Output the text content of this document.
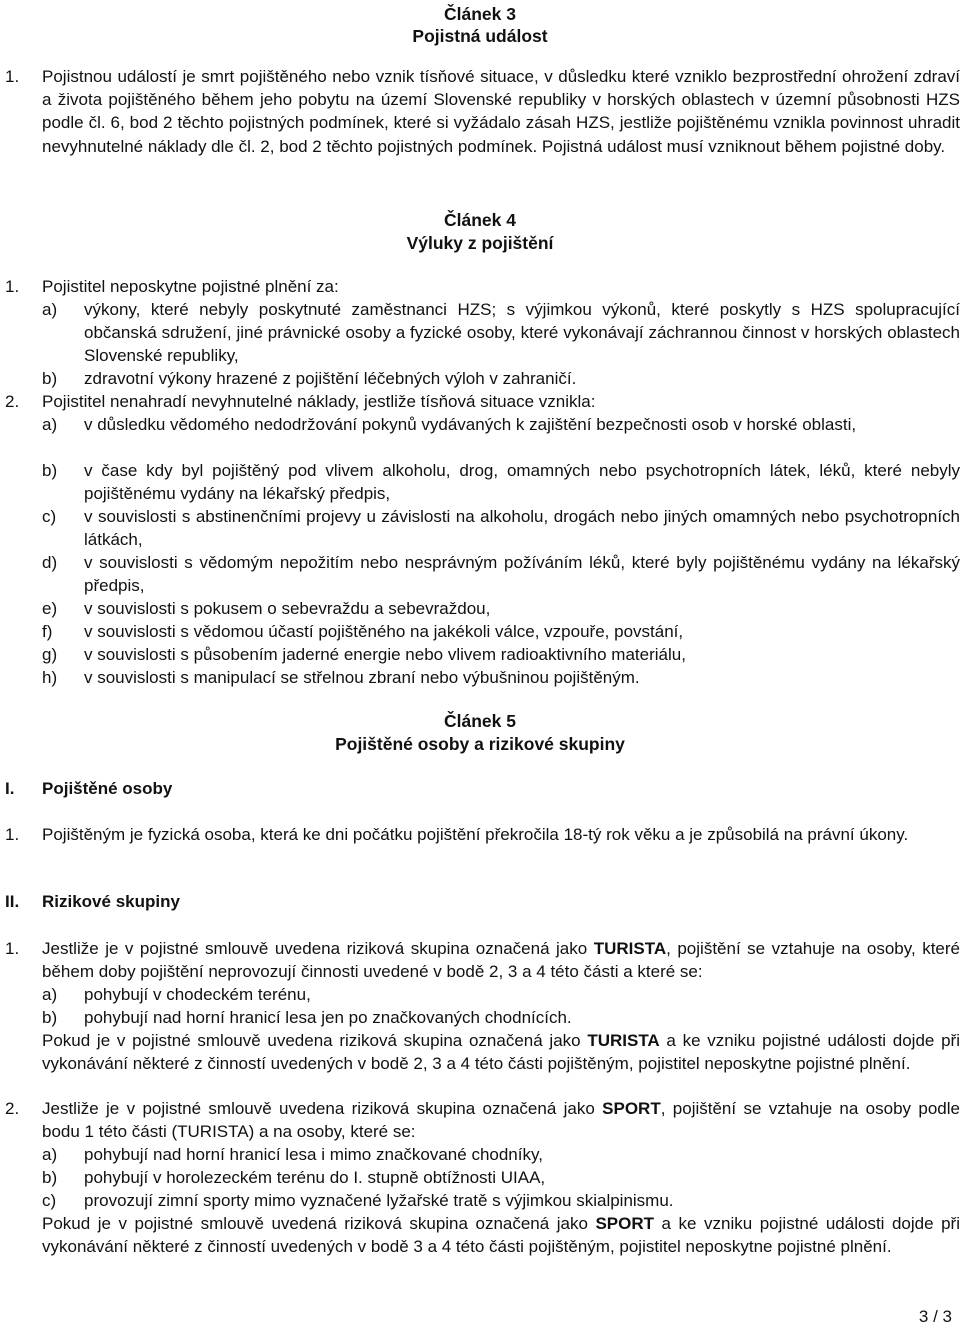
Článek 3
Pojistná událost
1. Pojistnou událostí je smrt pojištěného nebo vznik tísňové situace, v důsledku které vzniklo bezprostřední ohrožení zdraví a života pojištěného během jeho pobytu na území Slovenské republiky v horských oblastech v územní působnosti HZS podle čl. 6, bod 2 těchto pojistných podmínek, které si vyžádalo zásah HZS, jestliže pojištěnému vznikla povinnost uhradit nevyhnutelné náklady dle čl. 2, bod 2 těchto pojistných podmínek. Pojistná událost musí vzniknout během pojistné doby.
Článek 4
Výluky z pojištění
1. Pojistitel neposkytne pojistné plnění za:
a) výkony, které nebyly poskytnuté zaměstnanci HZS; s výjimkou výkonů, které poskytly s HZS spolupracující občanská sdružení, jiné právnické osoby a fyzické osoby, které vykonávají záchrannou činnost v horských oblastech Slovenské republiky,
b) zdravotní výkony hrazené z pojištění léčebných výloh v zahraničí.
2. Pojistitel nenahradí nevyhnutelné náklady, jestliže tísňová situace vznikla:
a) v důsledku vědomého nedodržování pokynů vydávaných k zajištění bezpečnosti osob v horské oblasti,
b) v čase kdy byl pojištěný pod vlivem alkoholu, drog, omamných nebo psychotropních látek, léků, které nebyly pojištěnému vydány na lékařský předpis,
c) v souvislosti s abstinenčními projevy u závislosti na alkoholu, drogách nebo jiných omamných nebo psychotropních látkách,
d) v souvislosti s vědomým nepožitím nebo nesprávným požíváním léků, které byly pojištěnému vydány na lékařský předpis,
e) v souvislosti s pokusem o sebevraždu a sebevraždou,
f) v souvislosti s vědomou účastí pojištěného na jakékoli válce, vzpouře, povstání,
g) v souvislosti s působením jaderné energie nebo vlivem radioaktivního materiálu,
h) v souvislosti s manipulací se střelnou zbraní nebo výbušninou pojištěným.
Článek 5
Pojištěné osoby a rizikové skupiny
I. Pojištěné osoby
1. Pojištěným je fyzická osoba, která ke dni počátku pojištění překročila 18-tý rok věku a je způsobilá na právní úkony.
II. Rizikové skupiny
1. Jestliže je v pojistné smlouvě uvedena riziková skupina označená jako TURISTA, pojištění se vztahuje na osoby, které během doby pojištění neprovozují činnosti uvedené v bodě 2, 3 a 4 této části a které se:
a) pohybují v chodeckém terénu,
b) pohybují nad horní hranicí lesa jen po značkovaných chodnících.
Pokud je v pojistné smlouvě uvedena riziková skupina označená jako TURISTA a ke vzniku pojistné události dojde při vykonávání některé z činností uvedených v bodě 2, 3 a 4 této části pojištěným, pojistitel neposkytne pojistné plnění.
2. Jestliže je v pojistné smlouvě uvedena riziková skupina označená jako SPORT, pojištění se vztahuje na osoby podle bodu 1 této části (TURISTA) a na osoby, které se:
a) pohybují nad horní hranicí lesa i mimo značkované chodníky,
b) pohybují v horolezeckém terénu do I. stupně obtížnosti UIAA,
c) provozují zimní sporty mimo vyznačené lyžařské tratě s výjimkou skialpinismu.
Pokud je v pojistné smlouvě uvedená riziková skupina označená jako SPORT a ke vzniku pojistné události dojde při vykonávání některé z činností uvedených v bodě 3 a 4 této části pojištěným, pojistitel neposkytne pojistné plnění.
3 / 3
